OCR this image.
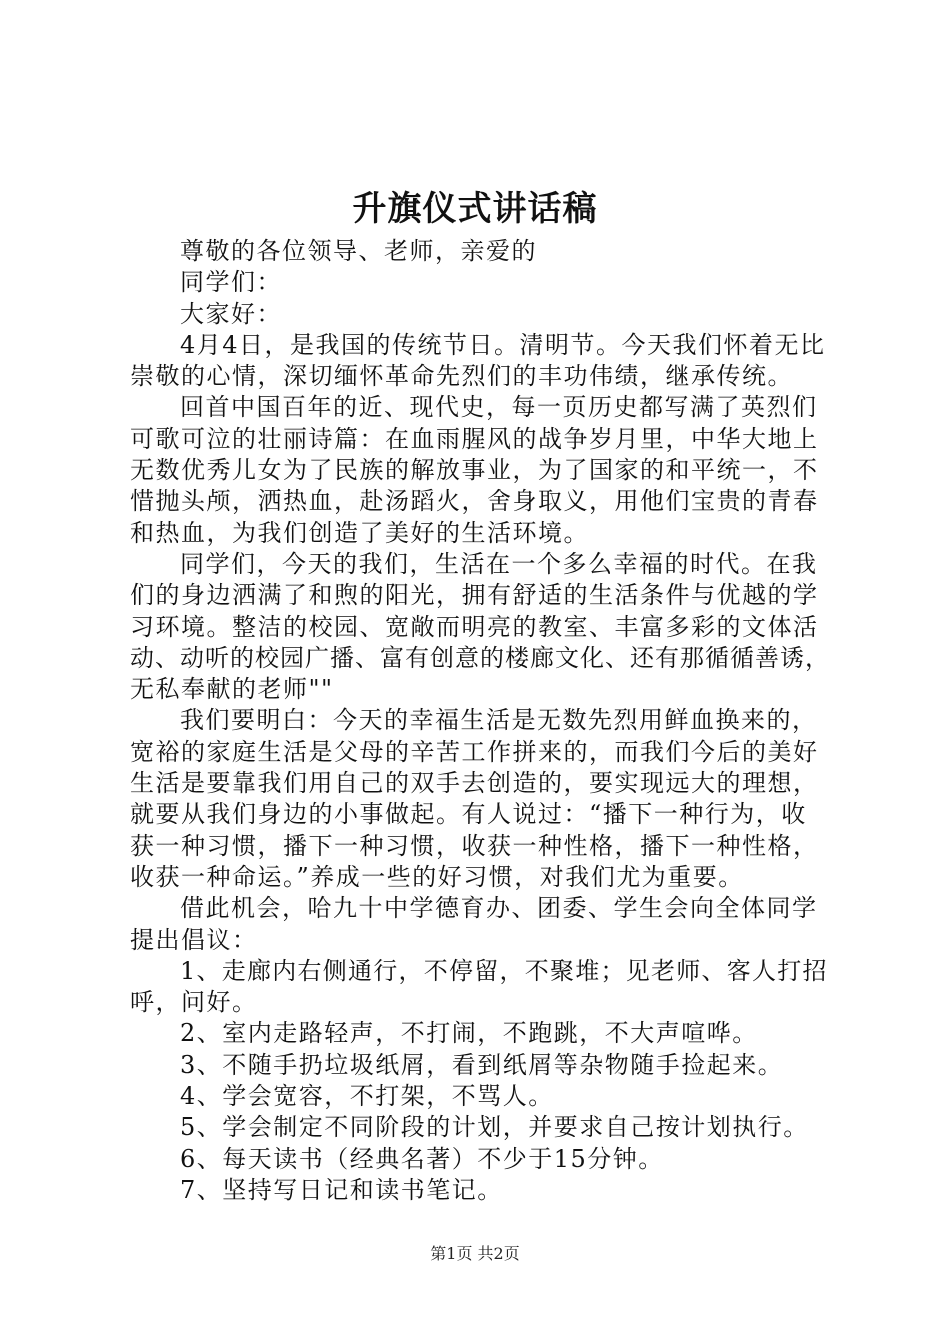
升旗仪式讲话稿
尊敬的各位领导、老师，亲爱的
同学们：
大家好：
4月4日，是我国的传统节日。清明节。今天我们怀着无比
崇敬的心情，深切缅怀革命先烈们的丰功伟绩，继承传统。
回首中国百年的近、现代史，每一页历史都写满了英烈们
可歌可泣的壮丽诗篇：在血雨腥风的战争岁月里，中华大地上
无数优秀儿女为了民族的解放事业，为了国家的和平统一，不
惜抛头颅，洒热血，赴汤蹈火，舍身取义，用他们宝贵的青春
和热血，为我们创造了美好的生活环境。
同学们，今天的我们，生活在一个多么幸福的时代。在我
们的身边洒满了和煦的阳光，拥有舒适的生活条件与优越的学
习环境。整洁的校园、宽敞而明亮的教室、丰富多彩的文体活
动、动听的校园广播、富有创意的楼廊文化、还有那循循善诱，
无私奉献的老师""
我们要明白：今天的幸福生活是无数先烈用鲜血换来的，
宽裕的家庭生活是父母的辛苦工作拼来的，而我们今后的美好
生活是要靠我们用自己的双手去创造的，要实现远大的理想，
就要从我们身边的小事做起。有人说过：“播下一种行为，收
获一种习惯，播下一种习惯，收获一种性格，播下一种性格，
收获一种命运。”养成一些的好习惯，对我们尤为重要。
借此机会，哈九十中学德育办、团委、学生会向全体同学
提出倡议：
1、走廊内右侧通行，不停留，不聚堆；见老师、客人打招
呼，问好。
2、室内走路轻声，不打闹，不跑跳，不大声喧哗。
3、不随手扔垃圾纸屑，看到纸屑等杂物随手捡起来。
4、学会宽容，不打架，不骂人。
5、学会制定不同阶段的计划，并要求自己按计划执行。
6、每天读书（经典名著）不少于15分钟。
7、坚持写日记和读书笔记。
第1页 共2页
